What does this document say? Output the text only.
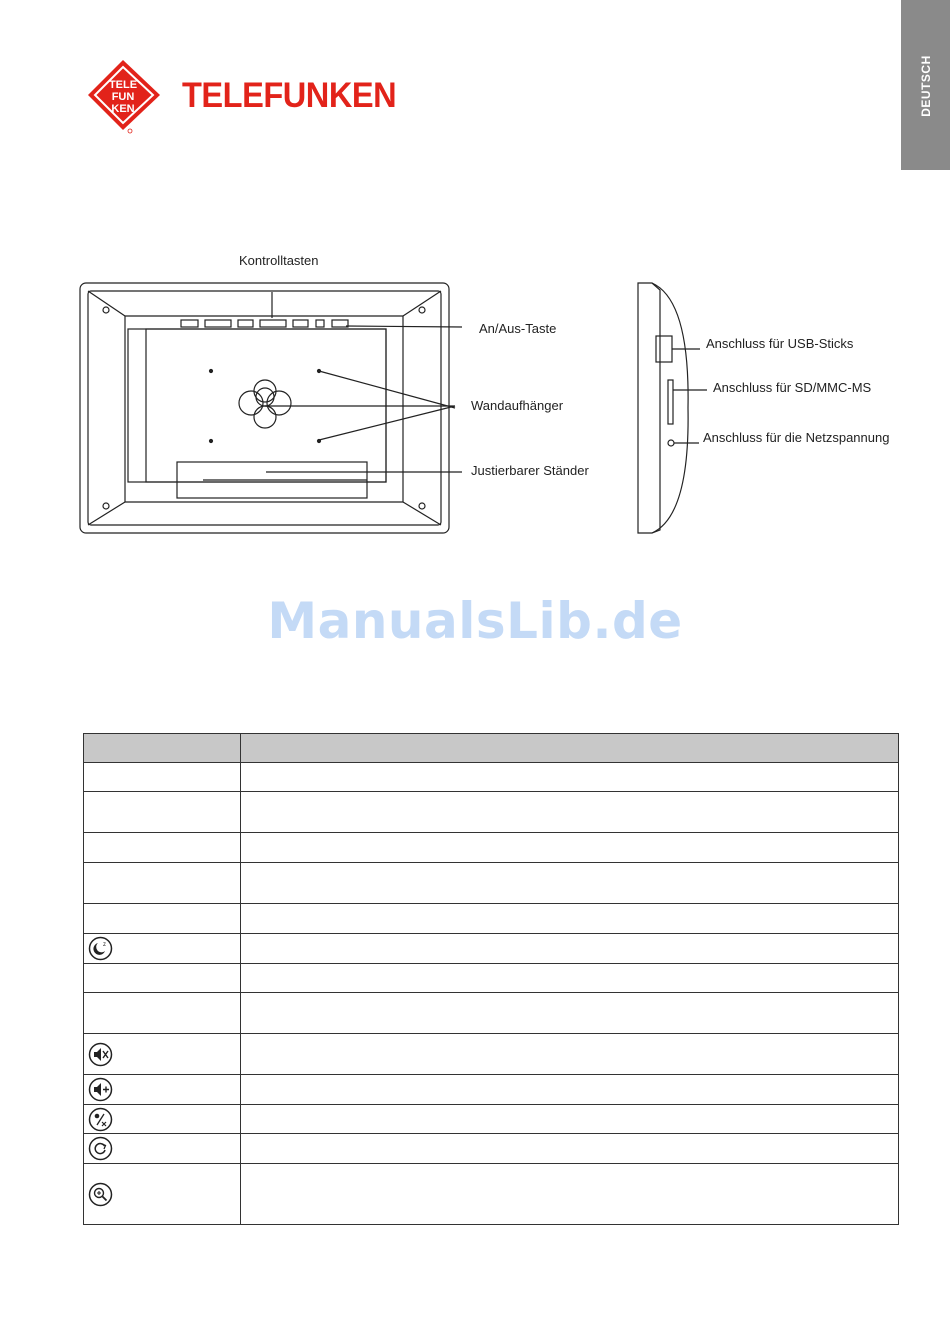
DEUTSCH
TELE
FUN
KEN TELEFUNKEN
Kontrolltasten
An/Aus-Taste
Wandaufhänger
Justierbarer Ständer
Anschluss für USB-Sticks
Anschluss für SD/MMC-MS
Anschluss für die Netzspannung
ManualsLib.de

z	
